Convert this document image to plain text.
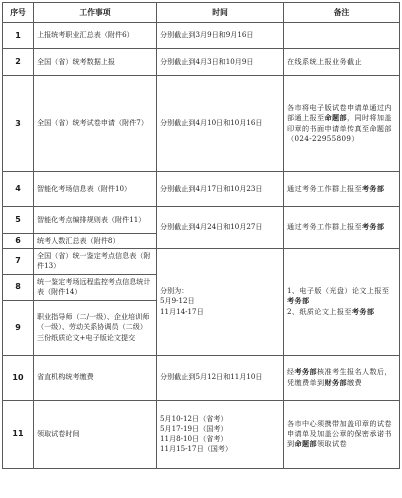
序号	工作事项	时间	备注
1	上报统考职业汇总表（附件6）	分别截止到3月9日和9月16日	
2	全国（省）统考数据上报	分别截止到4月3日和10月9日	在线系统上报业务截止
3	全国（省）统考试卷申请（附件7）	分别截止到4月10日和10月16日	各市将电子版试卷申请单通过内部通上报至命题部，同时将加盖印章的书面申请单传真至命题部（024-22955809）
4	智能化考场信息表（附件10）	分别截止到4月17日和10月23日	通过考务工作群上报至考务部
5	智能化考点编排规则表（附件11）	分别截止到4月24日和10月27日	通过考务工作群上报至考务部
6	统考人数汇总表（附件8）		
7	全国（省）统一鉴定考点信息表（附件13）	分别为：
5月9-12日
11月14-17日	1、电子版（光盘）论文上报至考务部
2、纸质论文上报至考务部

8	统一鉴定考场远程监控考点信息统计表（附件14）		
9	职业指导师（二/一级）、企业培训师（一级）、劳动关系协调员（二级）三份纸质论文+电子版论文提交		
10	省直机构统考缴费	分别截止到5月12日和11月10日	经考务部核准考生报名人数后，凭缴费单到财务部缴费
11	领取试卷时间	5月10-12日（省考）
5月17-19日（国考）
11月8-10日（省考）
11月15-17日（国考）	各市中心须携带加盖印章的试卷申请单及加盖公章的保密承诺书到命题部领取试卷
